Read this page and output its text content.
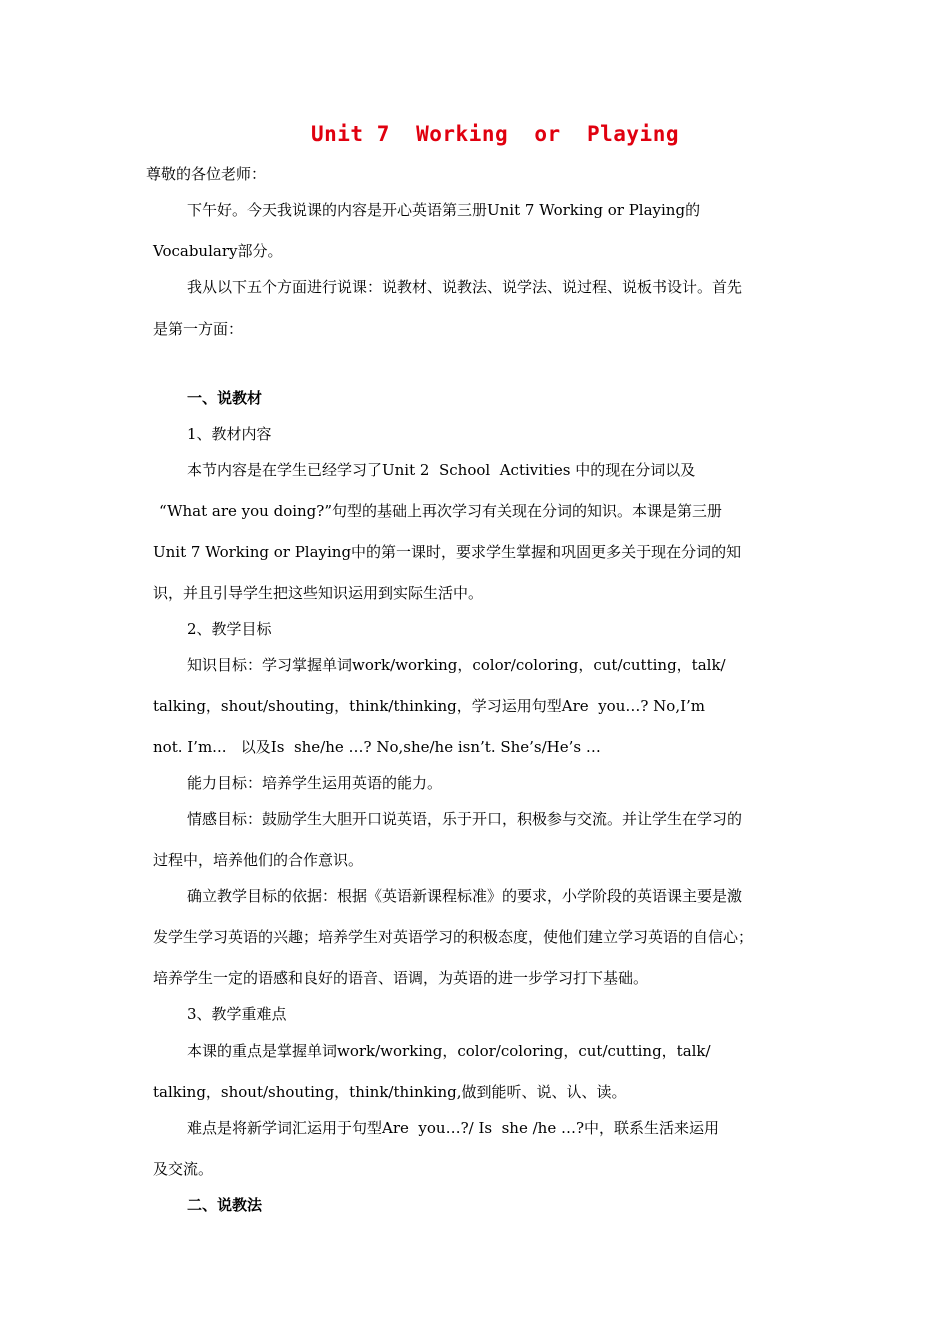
Unit 7  Working  or  Playing
尊敬的各位老师：
下午好。今天我说课的内容是开心英语第三册Unit 7 Working or Playing的
Vocabulary部分。
我从以下五个方面进行说课：说教材、说教法、说学法、说过程、说板书设计。首先
是第一方面：
一、说教材
1、教材内容
本节内容是在学生已经学习了Unit 2  School  Activities 中的现在分词以及
“What are you doing?”句型的基础上再次学习有关现在分词的知识。本课是第三册
Unit 7 Working or Playing中的第一课时，要求学生掌握和巩固更多关于现在分词的知
识，并且引导学生把这些知识运用到实际生活中。
2、教学目标
知识目标：学习掌握单词work/working，color/coloring，cut/cutting，talk/
talking，shout/shouting，think/thinking，学习运用句型Are  you…? No,I’m
not. I’m...   以及Is  she/he …? No,she/he isn’t. She’s/He’s …
能力目标：培养学生运用英语的能力。
情感目标：鼓励学生大胆开口说英语，乐于开口，积极参与交流。并让学生在学习的
过程中，培养他们的合作意识。
确立教学目标的依据：根据《英语新课程标准》的要求，小学阶段的英语课主要是激
发学生学习英语的兴趣；培养学生对英语学习的积极态度，使他们建立学习英语的自信心；
培养学生一定的语感和良好的语音、语调，为英语的进一步学习打下基础。
3、教学重难点
本课的重点是掌握单词work/working，color/coloring，cut/cutting，talk/
talking，shout/shouting，think/thinking,做到能听、说、认、读。
难点是将新学词汇运用于句型Are  you…?/ Is  she /he …?中，联系生活来运用
及交流。
二、说教法
